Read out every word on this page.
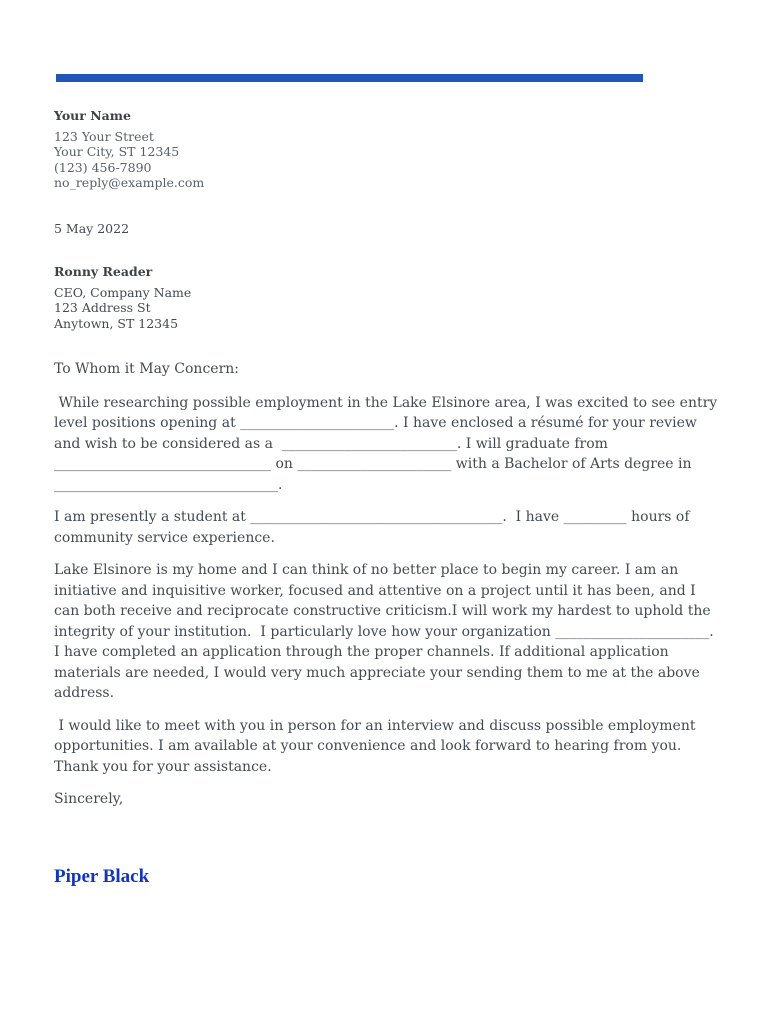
Your Name
123 Your Street
Your City, ST 12345
(123) 456-7890
no_reply@example.com
5 May 2022
Ronny Reader
CEO, Company Name
123 Address St
Anytown, ST 12345

To Whom it May Concern:

While researching possible employment in the Lake Elsinore area, I was excited to see entry level positions opening at ______________________. I have enclosed a résumé for your review and wish to be considered as a  _________________________. I will graduate from _______________________________ on ______________________ with a Bachelor of Arts degree in ________________________________.

I am presently a student at ____________________________________.  I have _________ hours of community service experience.

Lake Elsinore is my home and I can think of no better place to begin my career. I am an initiative and inquisitive worker, focused and attentive on a project until it has been, and I can both receive and reciprocate constructive criticism.I will work my hardest to uphold the integrity of your institution.  I particularly love how your organization ______________________. I have completed an application through the proper channels. If additional application materials are needed, I would very much appreciate your sending them to me at the above address.

I would like to meet with you in person for an interview and discuss possible employment opportunities. I am available at your convenience and look forward to hearing from you. Thank you for your assistance.

Sincerely,

Piper Black
